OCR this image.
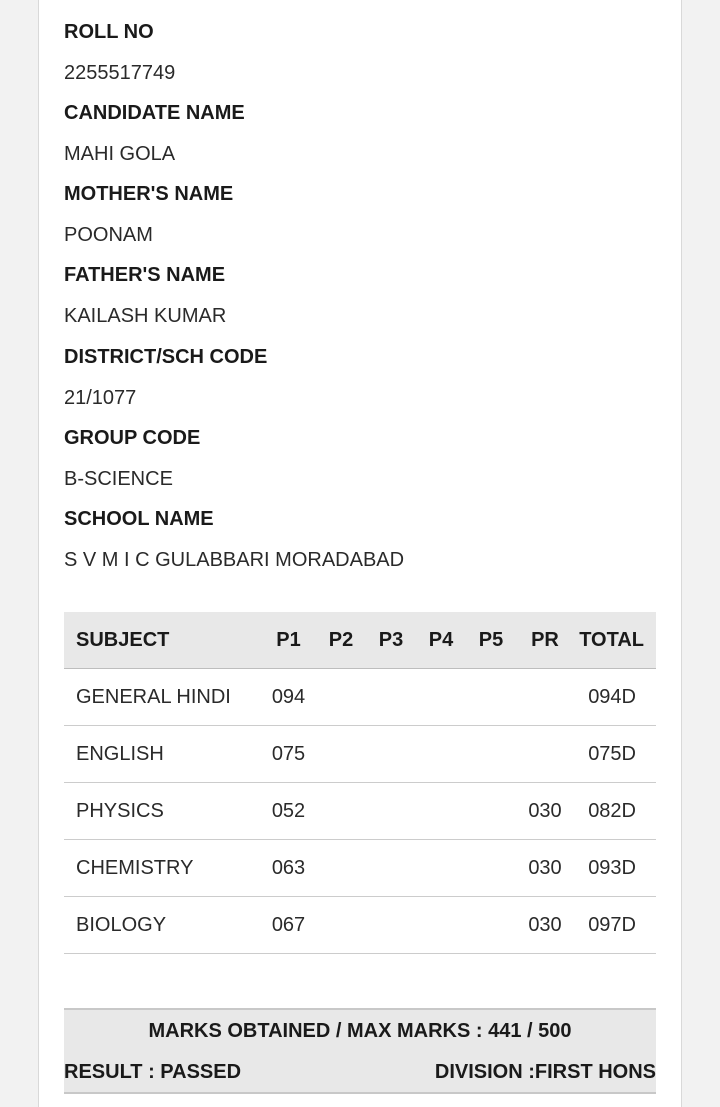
ROLL NO
2255517749
CANDIDATE NAME
MAHI GOLA
MOTHER'S NAME
POONAM
FATHER'S NAME
KAILASH KUMAR
DISTRICT/SCH CODE
21/1077
GROUP CODE
B-SCIENCE
SCHOOL NAME
S V M I C GULABBARI MORADABAD
SUBJECT	P1	P2	P3	P4	P5	PR	TOTAL
GENERAL HINDI	094						094D
ENGLISH	075						075D
PHYSICS	052					030	082D
CHEMISTRY	063					030	093D
BIOLOGY	067					030	097D
MARKS OBTAINED / MAX MARKS : 441 / 500
RESULT : PASSED	DIVISION :FIRST HONS
